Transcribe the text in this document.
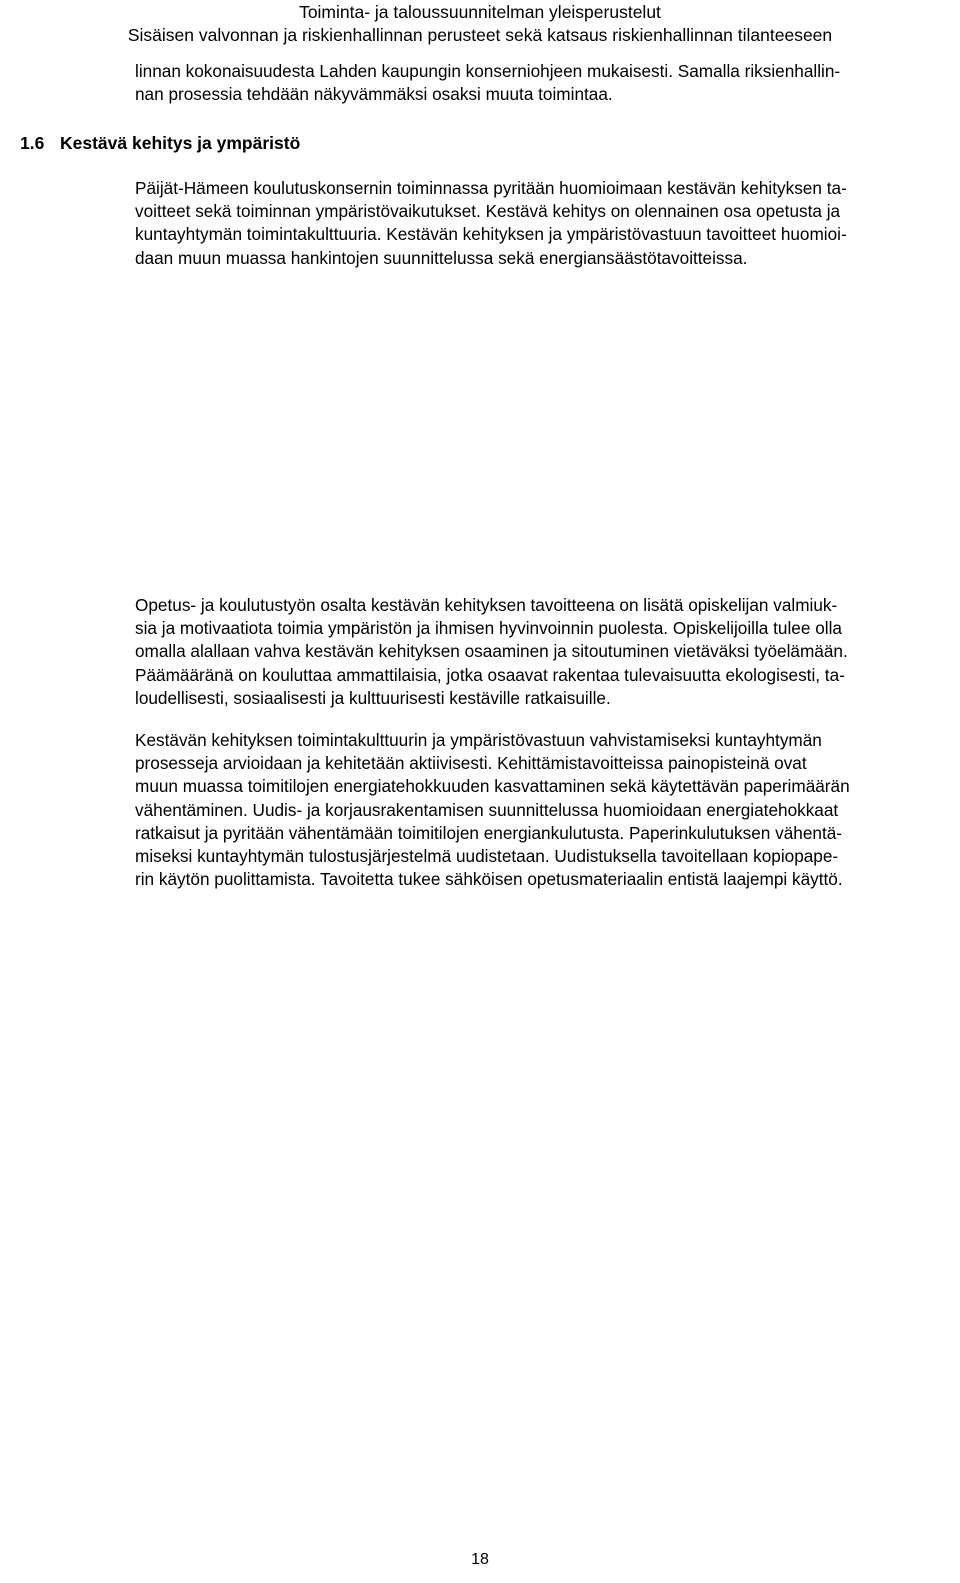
Toiminta- ja taloussuunnitelman yleisperustelut
Sisäisen valvonnan ja riskienhallinnan perusteet sekä katsaus riskienhallinnan tilanteeseen
linnan kokonaisuudesta Lahden kaupungin konserniohjeen mukaisesti. Samalla riksienhallin-
nan prosessia tehdään näkyvämmäksi osaksi muuta toimintaa.
1.6 Kestävä kehitys ja ympäristö
Päijät-Hämeen koulutuskonsernin toiminnassa pyritään huomioimaan kestävän kehityksen ta-
voitteet sekä toiminnan ympäristövaikutukset. Kestävä kehitys on olennainen osa opetusta ja
kuntayhtymän toimintakulttuuria. Kestävän kehityksen ja ympäristövastuun tavoitteet huomioi-
daan muun muassa hankintojen suunnittelussa sekä energiansäästötavoitteissa.
Opetus- ja koulutustyön osalta kestävän kehityksen tavoitteena on lisätä opiskelijan valmiuk-
sia ja motivaatiota toimia ympäristön ja ihmisen hyvinvoinnin puolesta. Opiskelijoilla tulee olla
omalla alallaan vahva kestävän kehityksen osaaminen ja sitoutuminen vietäväksi työelämään.
Päämääränä on kouluttaa ammattilaisia, jotka osaavat rakentaa tulevaisuutta ekologisesti, ta-
loudellisesti, sosiaalisesti ja kulttuurisesti kestäville ratkaisuille.
Kestävän kehityksen toimintakulttuurin ja ympäristövastuun vahvistamiseksi kuntayhtymän
prosesseja arvioidaan ja kehitetään aktiivisesti. Kehittämistavoitteissa painopisteinä ovat
muun muassa toimitilojen energiatehokkuuden kasvattaminen sekä käytettävän paperimäärän
vähentäminen. Uudis- ja korjausrakentamisen suunnittelussa huomioidaan energiatehokkaat
ratkaisut ja pyritään vähentämään toimitilojen energiankulutusta. Paperinkulutuksen vähentä-
miseksi kuntayhtymän tulostusjärjestelmä uudistetaan. Uudistuksella tavoitellaan kopiopape-
rin käytön puolittamista. Tavoitetta tukee sähköisen opetusmateriaalin entistä laajempi käyttö.
18
